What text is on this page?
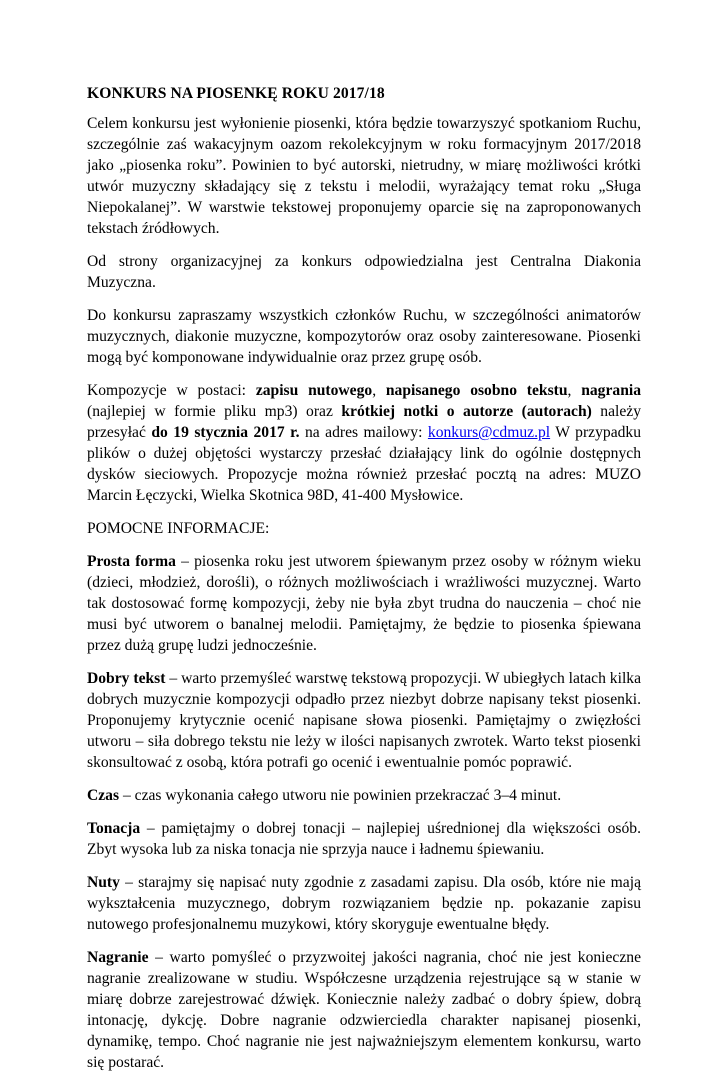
KONKURS NA PIOSENKĘ ROKU 2017/18

Celem konkursu jest wyłonienie piosenki, która będzie towarzyszyć spotkaniom Ruchu, szczególnie zaś wakacyjnym oazom rekolekcyjnym w roku formacyjnym 2017/2018 jako „piosenka roku”. Powinien to być autorski, nietrudny, w miarę możliwości krótki utwór muzyczny składający się z tekstu i melodii, wyrażający temat roku „Sługa Niepokalanej”. W warstwie tekstowej proponujemy oparcie się na zaproponowanych tekstach źródłowych.

Od strony organizacyjnej za konkurs odpowiedzialna jest Centralna Diakonia Muzyczna.

Do konkursu zapraszamy wszystkich członków Ruchu, w szczególności animatorów muzycznych, diakonie muzyczne, kompozytorów oraz osoby zainteresowane. Piosenki mogą być komponowane indywidualnie oraz przez grupę osób.

Kompozycje w postaci: zapisu nutowego, napisanego osobno tekstu, nagrania (najlepiej w formie pliku mp3) oraz krótkiej notki o autorze (autorach) należy przesyłać do 19 stycznia 2017 r. na adres mailowy: konkurs@cdmuz.pl W przypadku plików o dużej objętości wystarczy przesłać działający link do ogólnie dostępnych dysków sieciowych. Propozycje można również przesłać pocztą na adres: MUZO Marcin Łęczycki, Wielka Skotnica 98D, 41-400 Mysłowice.

POMOCNE INFORMACJE:

Prosta forma – piosenka roku jest utworem śpiewanym przez osoby w różnym wieku (dzieci, młodzież, dorośli), o różnych możliwościach i wrażliwości muzycznej. Warto tak dostosować formę kompozycji, żeby nie była zbyt trudna do nauczenia – choć nie musi być utworem o banalnej melodii. Pamiętajmy, że będzie to piosenka śpiewana przez dużą grupę ludzi jednocześnie.

Dobry tekst – warto przemyśleć warstwę tekstową propozycji. W ubiegłych latach kilka dobrych muzycznie kompozycji odpadło przez niezbyt dobrze napisany tekst piosenki. Proponujemy krytycznie ocenić napisane słowa piosenki. Pamiętajmy o zwięzłości utworu – siła dobrego tekstu nie leży w ilości napisanych zwrotek. Warto tekst piosenki skonsultować z osobą, która potrafi go ocenić i ewentualnie pomóc poprawić.

Czas – czas wykonania całego utworu nie powinien przekraczać 3–4 minut.

Tonacja – pamiętajmy o dobrej tonacji – najlepiej uśrednionej dla większości osób. Zbyt wysoka lub za niska tonacja nie sprzyja nauce i ładnemu śpiewaniu.

Nuty – starajmy się napisać nuty zgodnie z zasadami zapisu. Dla osób, które nie mają wykształcenia muzycznego, dobrym rozwiązaniem będzie np. pokazanie zapisu nutowego profesjonalnemu muzykowi, który skoryguje ewentualne błędy.

Nagranie – warto pomyśleć o przyzwoitej jakości nagrania, choć nie jest konieczne nagranie zrealizowane w studiu. Współczesne urządzenia rejestrujące są w stanie w miarę dobrze zarejestrować dźwięk. Koniecznie należy zadbać o dobry śpiew, dobrą intonację, dykcję. Dobre nagranie odzwierciedla charakter napisanej piosenki, dynamikę, tempo. Choć nagranie nie jest najważniejszym elementem konkursu, warto się postarać.
